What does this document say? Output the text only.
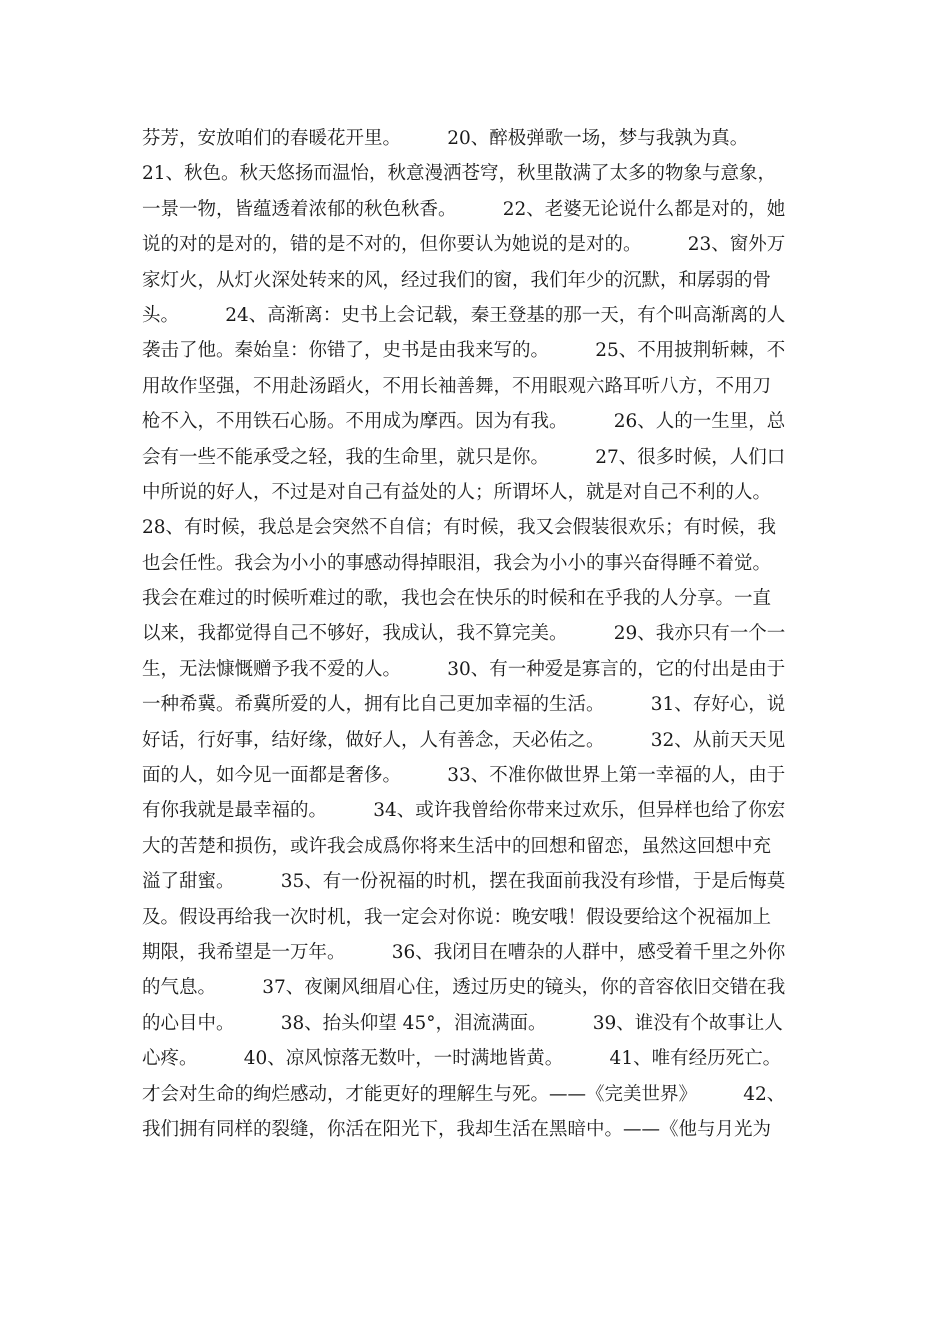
芬芳，安放咱们的春暖花开里。　　　20、醉极弹歌一场，梦与我孰为真。
21、秋色。秋天悠扬而温怡，秋意漫洒苍穹，秋里散满了太多的物象与意象，
一景一物，皆蕴透着浓郁的秋色秋香。　　　22、老婆无论说什么都是对的，她
说的对的是对的，错的是不对的，但你要认为她说的是对的。　　　23、窗外万
家灯火，从灯火深处转来的风，经过我们的窗，我们年少的沉默，和孱弱的骨
头。　　　24、高渐离：史书上会记载，秦王登基的那一天，有个叫高渐离的人
袭击了他。秦始皇：你错了，史书是由我来写的。　　　25、不用披荆斩棘，不
用故作坚强，不用赴汤蹈火，不用长袖善舞，不用眼观六路耳听八方，不用刀
枪不入，不用铁石心肠。不用成为摩西。因为有我。　　　26、人的一生里，总
会有一些不能承受之轻，我的生命里，就只是你。　　　27、很多时候，人们口
中所说的好人，不过是对自己有益处的人；所谓坏人，就是对自己不利的人。
28、有时候，我总是会突然不自信；有时候，我又会假装很欢乐；有时候，我
也会任性。我会为小小的事感动得掉眼泪，我会为小小的事兴奋得睡不着觉。
我会在难过的时候听难过的歌，我也会在快乐的时候和在乎我的人分享。一直
以来，我都觉得自己不够好，我成认，我不算完美。　　　29、我亦只有一个一
生，无法慷慨赠予我不爱的人。　　　30、有一种爱是寡言的，它的付出是由于
一种希冀。希冀所爱的人，拥有比自己更加幸福的生活。　　　31、存好心，说
好话，行好事，结好缘，做好人，人有善念，天必佑之。　　　32、从前天天见
面的人，如今见一面都是奢侈。　　　33、不准你做世界上第一幸福的人，由于
有你我就是最幸福的。　　　34、或许我曾给你带来过欢乐，但异样也给了你宏
大的苦楚和损伤，或许我会成爲你将来生活中的回想和留恋，虽然这回想中充
溢了甜蜜。　　　35、有一份祝福的时机，摆在我面前我没有珍惜，于是后悔莫
及。假设再给我一次时机，我一定会对你说：晚安哦！假设要给这个祝福加上
期限，我希望是一万年。　　　36、我闭目在嘈杂的人群中，感受着千里之外你
的气息。　　　37、夜阑风细眉心住，透过历史的镜头，你的音容依旧交错在我
的心目中。　　　38、抬头仰望 45°，泪流满面。　　　39、谁没有个故事让人
心疼。　　　40、凉风惊落无数叶，一时满地皆黄。　　　41、唯有经历死亡。
才会对生命的绚烂感动，才能更好的理解生与死。——《完美世界》　　　42、
我们拥有同样的裂缝，你活在阳光下，我却生活在黑暗中。——《他与月光为
